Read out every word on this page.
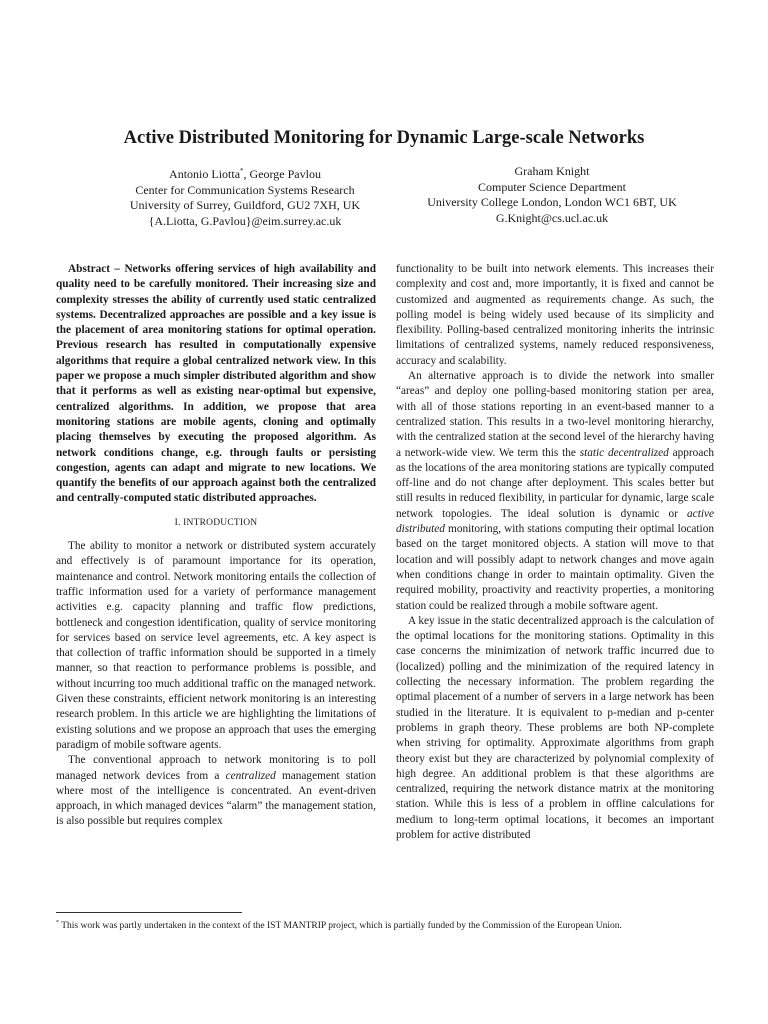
Active Distributed Monitoring for Dynamic Large-scale Networks
Antonio Liotta*, George Pavlou
Center for Communication Systems Research
University of Surrey, Guildford, GU2 7XH, UK
{A.Liotta, G.Pavlou}@eim.surrey.ac.uk
Graham Knight
Computer Science Department
University College London, London WC1 6BT, UK
G.Knight@cs.ucl.ac.uk

Abstract – Networks offering services of high availability and quality need to be carefully monitored. Their increasing size and complexity stresses the ability of currently used static centralized systems. Decentralized approaches are possible and a key issue is the placement of area monitoring stations for optimal operation. Previous research has resulted in computationally expensive algorithms that require a global centralized network view. In this paper we propose a much simpler distributed algorithm and show that it performs as well as existing near-optimal but expensive, centralized algorithms. In addition, we propose that area monitoring stations are mobile agents, cloning and optimally placing themselves by executing the proposed algorithm. As network conditions change, e.g. through faults or persisting congestion, agents can adapt and migrate to new locations. We quantify the benefits of our approach against both the centralized and centrally-computed static distributed approaches.

I. INTRODUCTION

The ability to monitor a network or distributed system accurately and effectively is of paramount importance for its operation, maintenance and control. Network monitoring entails the collection of traffic information used for a variety of performance management activities e.g. capacity planning and traffic flow predictions, bottleneck and congestion identification, quality of service monitoring for services based on service level agreements, etc. A key aspect is that collection of traffic information should be supported in a timely manner, so that reaction to performance problems is possible, and without incurring too much additional traffic on the managed network. Given these constraints, efficient network monitoring is an interesting research problem. In this article we are highlighting the limitations of existing solutions and we propose an approach that uses the emerging paradigm of mobile software agents.

The conventional approach to network monitoring is to poll managed network devices from a centralized management station where most of the intelligence is concentrated. An event-driven approach, in which managed devices “alarm” the management station, is also possible but requires complex

functionality to be built into network elements. This increases their complexity and cost and, more importantly, it is fixed and cannot be customized and augmented as requirements change. As such, the polling model is being widely used because of its simplicity and flexibility. Polling-based centralized monitoring inherits the intrinsic limitations of centralized systems, namely reduced responsiveness, accuracy and scalability.

An alternative approach is to divide the network into smaller “areas” and deploy one polling-based monitoring station per area, with all of those stations reporting in an event-based manner to a centralized station. This results in a two-level monitoring hierarchy, with the centralized station at the second level of the hierarchy having a network-wide view. We term this the static decentralized approach as the locations of the area monitoring stations are typically computed off-line and do not change after deployment. This scales better but still results in reduced flexibility, in particular for dynamic, large scale network topologies. The ideal solution is dynamic or active distributed monitoring, with stations computing their optimal location based on the target monitored objects. A station will move to that location and will possibly adapt to network changes and move again when conditions change in order to maintain optimality. Given the required mobility, proactivity and reactivity properties, a monitoring station could be realized through a mobile software agent.

A key issue in the static decentralized approach is the calculation of the optimal locations for the monitoring stations. Optimality in this case concerns the minimization of network traffic incurred due to (localized) polling and the minimization of the required latency in collecting the necessary information. The problem regarding the optimal placement of a number of servers in a large network has been studied in the literature. It is equivalent to p-median and p-center problems in graph theory. These problems are both NP-complete when striving for optimality. Approximate algorithms from graph theory exist but they are characterized by polynomial complexity of high degree. An additional problem is that these algorithms are centralized, requiring the network distance matrix at the monitoring station. While this is less of a problem in offline calculations for medium to long-term optimal locations, it becomes an important problem for active distributed

* This work was partly undertaken in the context of the IST MANTRIP project, which is partially funded by the Commission of the European Union.
